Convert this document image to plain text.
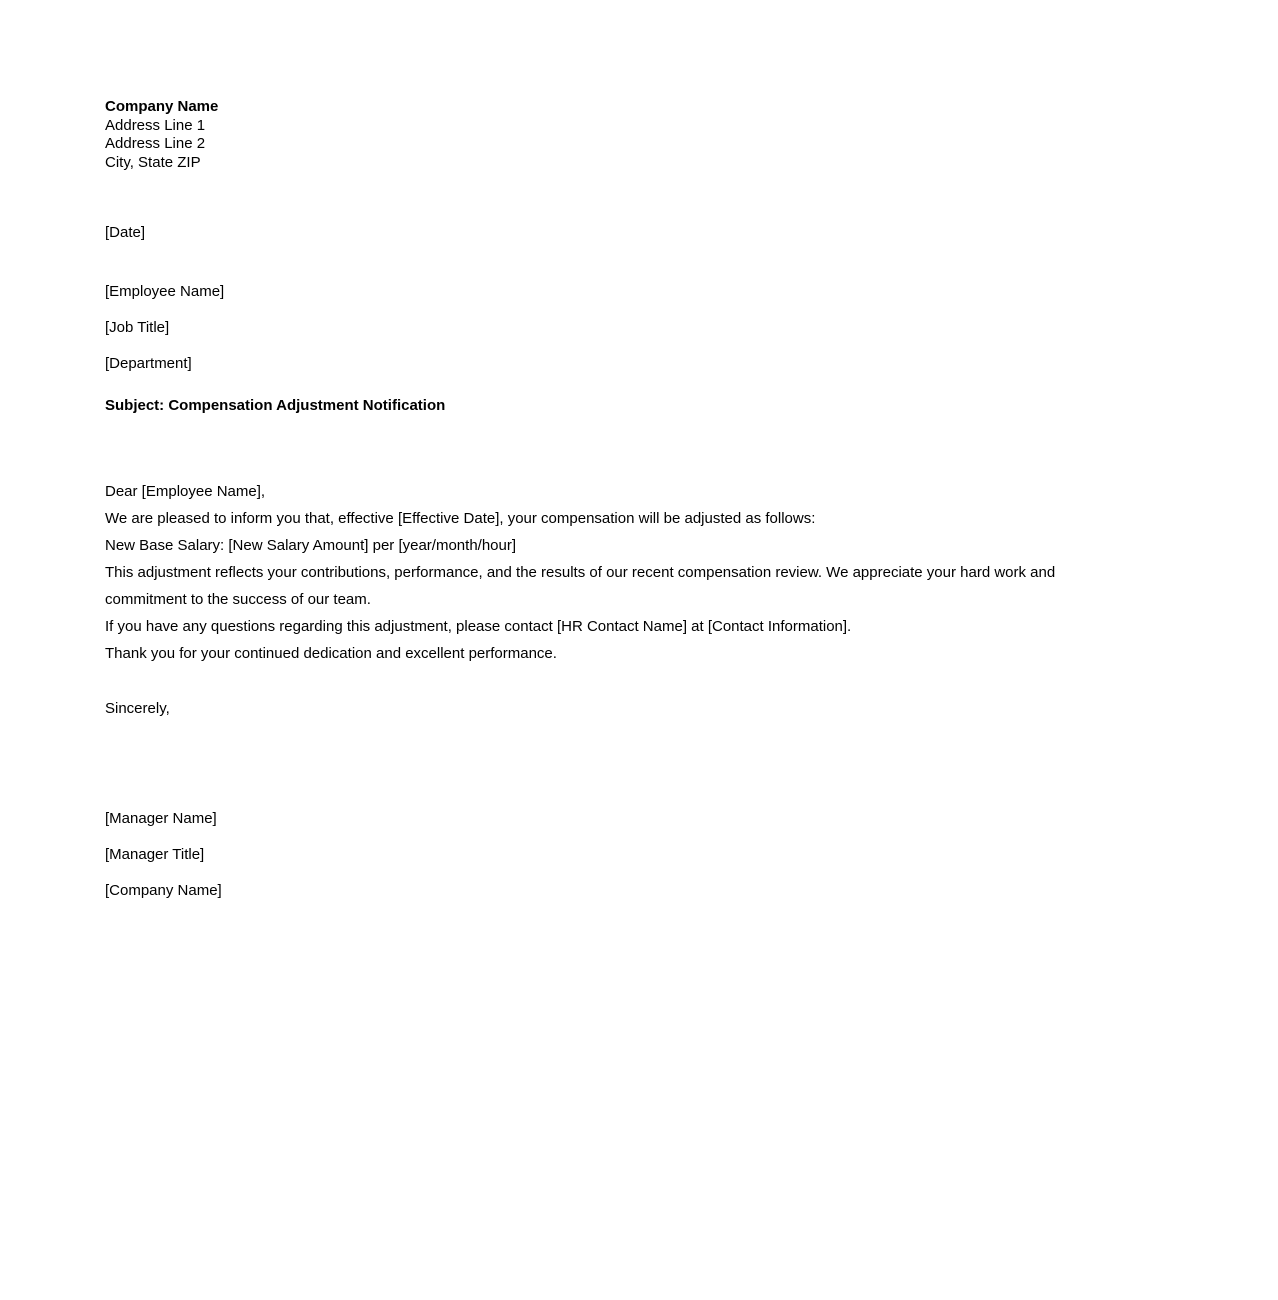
Company Name
Address Line 1
Address Line 2
City, State ZIP
[Date]
[Employee Name]
[Job Title]
[Department]
Subject: Compensation Adjustment Notification

Dear [Employee Name],

We are pleased to inform you that, effective [Effective Date], your compensation will be adjusted as follows:

New Base Salary: [New Salary Amount] per [year/month/hour]

This adjustment reflects your contributions, performance, and the results of our recent compensation review. We appreciate your hard work and commitment to the success of our team.

If you have any questions regarding this adjustment, please contact [HR Contact Name] at [Contact Information].

Thank you for your continued dedication and excellent performance.

Sincerely,
[Manager Name]
[Manager Title]
[Company Name]
